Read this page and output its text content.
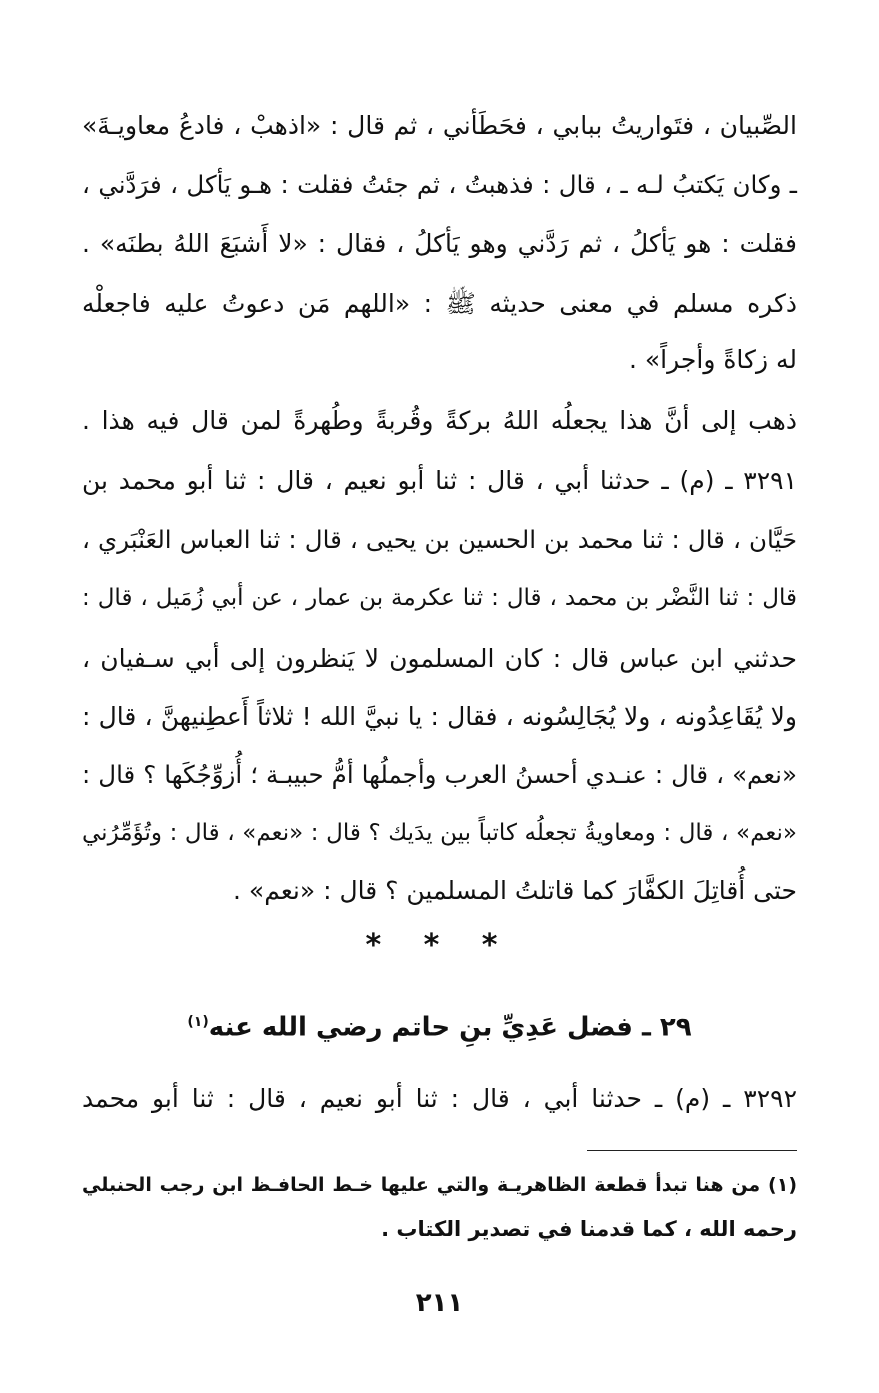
الصِّبيان ، فتَواريتُ ببابي ، فحَطَأني ، ثم قال : «اذهبْ ، فادعُ معاويـةَ»
ـ وكان يَكتبُ لـه ـ ، قال : فذهبتُ ، ثم جئتُ فقلت : هـو يَأكل ، فرَدَّني ،
فقلت : هو يَأكلُ ، ثم رَدَّني وهو يَأكلُ ، فقال : «لا أَشبَعَ اللهُ بطنَه» .
ذكره مسلم في معنى حديثه ﷺ : «اللهم مَن دعوتُ عليه فاجعلْه
له زكاةً وأجراً» .
ذهب إلى أنَّ هذا يجعلُه اللهُ بركةً وقُربةً وطُهرةً لمن قال فيه هذا .
٣٢٩١ ـ (م) ـ حدثنا أبي ، قال : ثنا أبو نعيم ، قال : ثنا أبو محمد بن
حَيَّان ، قال : ثنا محمد بن الحسين بن يحيى ، قال : ثنا العباس العَنْبَري ،
قال : ثنا النَّضْر بن محمد ، قال : ثنا عكرمة بن عمار ، عن أبي زُمَيل ، قال :
حدثني ابن عباس قال : كان المسلمون لا يَنظرون إلى أبي سـفيان ،
ولا يُقَاعِدُونه ، ولا يُجَالِسُونه ، فقال : يا نبيَّ الله ! ثلاثاً أَعطِنيهنَّ ، قال :
«نعم» ، قال : عنـدي أحسنُ العرب وأجملُها أمُّ حبيبـة ؛ أُزوِّجُكَها ؟ قال :
«نعم» ، قال : ومعاويةُ تجعلُه كاتباً بين يدَيك ؟ قال : «نعم» ، قال : وتُؤَمِّرُني
حتى أُقاتِلَ الكفَّارَ كما قاتلتُ المسلمين ؟ قال : «نعم» .
* * *
٢٩ ـ فضل عَدِيِّ بنِ حاتم رضي الله عنه$^{(١)}$
٣٢٩٢ ـ (م) ـ حدثنا أبي ، قال : ثنا أبو نعيم ، قال : ثنا أبو محمد
(١) من هنا تبدأ قطعة الظاهريـة والتي عليها خـط الحافـظ ابن رجب الحنبلي
رحمه الله ، كما قدمنا في تصدير الكتاب .
٢١١
